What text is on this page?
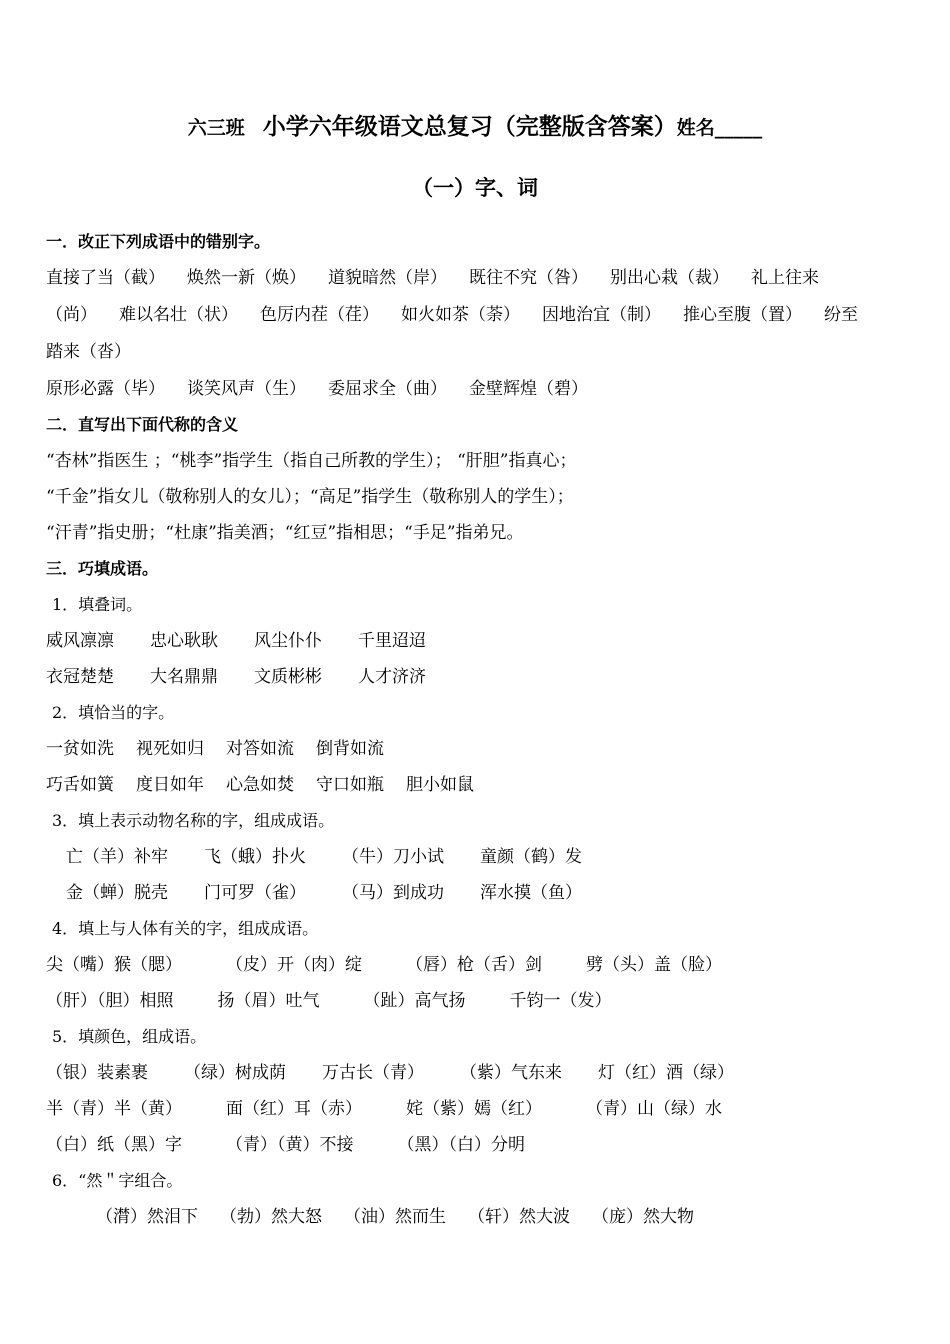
六三班 小学六年级语文总复习（完整版含答案）姓名_____
（一）字、词
一．改正下列成语中的错别字。
直接了当（截） 焕然一新（焕） 道貌暗然（岸） 既往不究（咎） 别出心栽（裁） 礼上往来
（尚） 难以名壮（状） 色厉内茬（荏） 如火如茶（荼） 因地治宜（制） 推心至腹（置） 纷至
踏来（沓）
原形必露（毕） 谈笑风声（生） 委屈求全（曲） 金壁辉煌（碧）
二．直写出下面代称的含义
“杏林”指医生 ；“桃李”指学生（指自己所教的学生）； “肝胆”指真心；
“千金”指女儿（敬称别人的女儿）；“高足”指学生（敬称别人的学生）；
“汗青”指史册；“杜康”指美酒；“红豆”指相思；“手足”指弟兄。
三．巧填成语。
1．填叠词。
威风凛凛 忠心耿耿 风尘仆仆 千里迢迢
衣冠楚楚 大名鼎鼎 文质彬彬 人才济济
2．填恰当的字。
一贫如洗 视死如归 对答如流 倒背如流
巧舌如簧 度日如年 心急如焚 守口如瓶 胆小如鼠
3．填上表示动物名称的字，组成成语。
亡（羊）补牢 飞（蛾）扑火 （牛）刀小试 童颜（鹤）发
金（蝉）脱壳 门可罗（雀） （马）到成功 浑水摸（鱼）
4．填上与人体有关的字，组成成语。
尖（嘴）猴（腮）	（皮）开（肉）绽	（唇）枪（舌）剑	劈（头）盖（脸）
（肝）（胆）相照	扬（眉）吐气	（趾）高气扬	千钧一（发）
5．填颜色，组成语。
（银）装素裹 （绿）树成荫 万古长（青） （紫）气东来 灯（红）酒（绿）
半（青）半（黄）	面（红）耳（赤）	姹（紫）嫣（红）	（青）山（绿）水
（白）纸（黑）字	（青）（黄）不接	（黑）（白）分明
6．“然＂字组合。
（潸）然泪下 （勃）然大怒 （油）然而生 （轩）然大波 （庞）然大物
